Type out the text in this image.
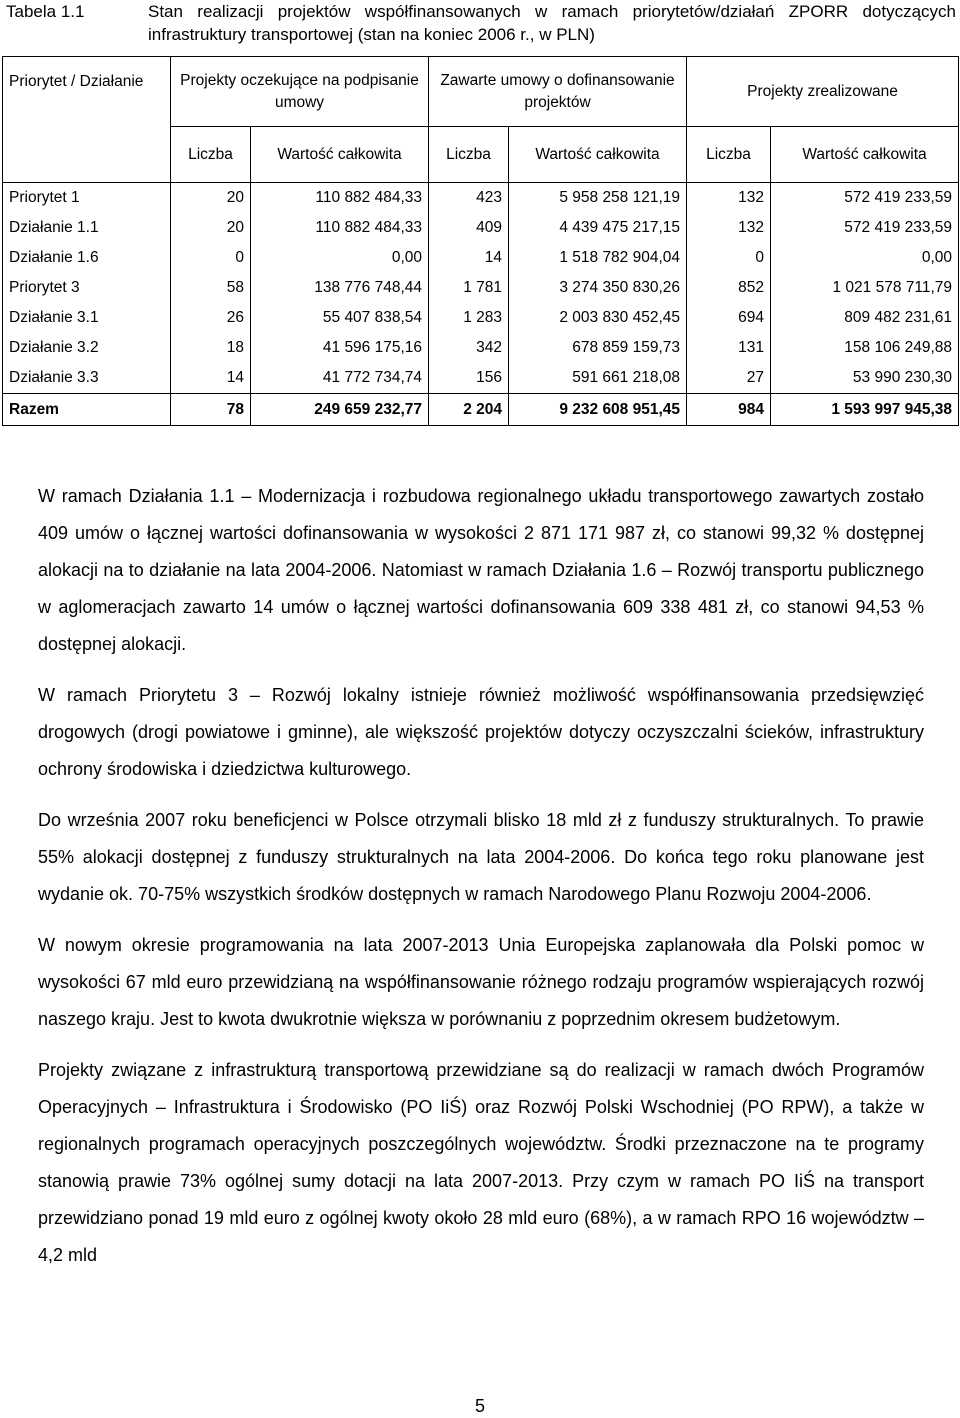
Tabela 1.1	Stan realizacji projektów współfinansowanych w ramach priorytetów/działań ZPORR dotyczących infrastruktury transportowej (stan na koniec 2006 r., w PLN)
Priorytet / Działanie	Projekty oczekujące na podpisanie umowy		Zawarte umowy o dofinansowanie projektów		Projekty zrealizowane	
	Liczba	Wartość całkowita	Liczba	Wartość całkowita	Liczba	Wartość całkowita
Priorytet 1	20	110 882 484,33	423	5 958 258 121,19	132	572 419 233,59
Działanie 1.1	20	110 882 484,33	409	4 439 475 217,15	132	572 419 233,59
Działanie 1.6	0	0,00	14	1 518 782 904,04	0	0,00
Priorytet 3	58	138 776 748,44	1 781	3 274 350 830,26	852	1 021 578 711,79
Działanie 3.1	26	55 407 838,54	1 283	2 003 830 452,45	694	809 482 231,61
Działanie 3.2	18	41 596 175,16	342	678 859 159,73	131	158 106 249,88
Działanie 3.3	14	41 772 734,74	156	591 661 218,08	27	53 990 230,30
Razem	78	249 659 232,77	2 204	9 232 608 951,45	984	1 593 997 945,38

W ramach Działania 1.1 – Modernizacja i rozbudowa regionalnego układu transportowego zawartych zostało 409 umów o łącznej wartości dofinansowania w wysokości 2 871 171 987 zł, co stanowi 99,32 % dostępnej alokacji na to działanie na lata 2004-2006. Natomiast w ramach Działania 1.6 – Rozwój transportu publicznego w aglomeracjach zawarto 14 umów o łącznej wartości dofinansowania 609 338 481 zł, co stanowi 94,53 % dostępnej alokacji.

W ramach Priorytetu 3 – Rozwój lokalny istnieje również możliwość współfinansowania przedsięwzięć drogowych (drogi powiatowe i gminne), ale większość projektów dotyczy oczyszczalni ścieków, infrastruktury ochrony środowiska i dziedzictwa kulturowego.

Do września 2007 roku beneficjenci w Polsce otrzymali blisko 18 mld zł z funduszy strukturalnych. To prawie 55% alokacji dostępnej z funduszy strukturalnych na lata 2004-2006. Do końca tego roku planowane jest wydanie ok. 70-75% wszystkich środków dostępnych w ramach Narodowego Planu Rozwoju 2004-2006.

W nowym okresie programowania na lata 2007-2013 Unia Europejska zaplanowała dla Polski pomoc w wysokości 67 mld euro przewidzianą na współfinansowanie różnego rodzaju programów wspierających rozwój naszego kraju. Jest to kwota dwukrotnie większa w porównaniu z poprzednim okresem budżetowym.

Projekty związane z infrastrukturą transportową przewidziane są do realizacji w ramach dwóch Programów Operacyjnych – Infrastruktura i Środowisko (PO IiŚ) oraz Rozwój Polski Wschodniej (PO RPW), a także w regionalnych programach operacyjnych poszczególnych województw. Środki przeznaczone na te programy stanowią prawie 73% ogólnej sumy dotacji na lata 2007-2013. Przy czym w ramach PO IiŚ na transport przewidziano ponad 19 mld euro z ogólnej kwoty około 28 mld euro (68%), a w ramach RPO 16 województw – 4,2 mld

5
